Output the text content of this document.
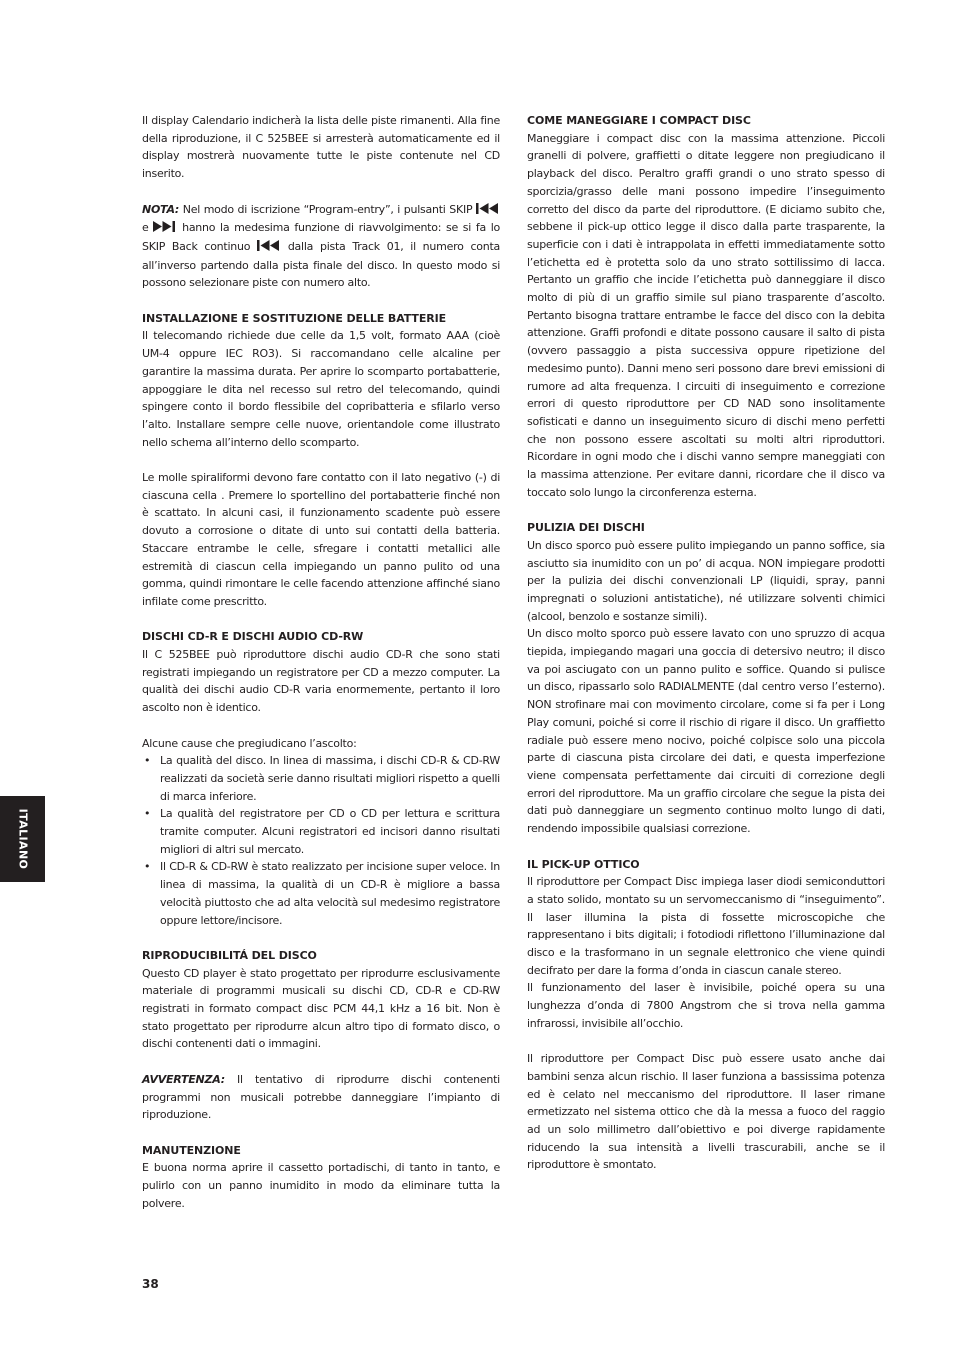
Il display Calendario indicherà la lista delle piste rimanenti. Alla fine della riproduzione, il C 525BEE si arresterà automaticamente ed il display mostrerà nuovamente tutte le piste contenute nel CD inserito.

NOTA: Nel modo di iscrizione “Program-entry”, i pulsanti SKIP  e  hanno la medesima funzione di riavvolgimento: se si fa lo SKIP Back continuo  dalla pista Track 01, il numero conta all’inverso partendo dalla pista finale del disco. In questo modo si possono selezionare piste con numero alto.

INSTALLAZIONE E SOSTITUZIONE DELLE BATTERIE

Il telecomando richiede due celle da 1,5 volt, formato AAA (cioè UM-4 oppure IEC RO3). Si raccomandano celle alcaline per garantire la massima durata. Per aprire lo scomparto portabatterie, appoggiare le dita nel recesso sul retro del telecomando, quindi spingere conto il bordo flessibile del copribatteria e sfilarlo verso l’alto. Installare sempre celle nuove, orientandole come illustrato nello schema all’interno dello scomparto.

Le molle spiraliformi devono fare contatto con il lato negativo (-) di ciascuna cella . Premere lo sportellino del portabatterie finché non è scattato. In alcuni casi, il funzionamento scadente può essere dovuto a corrosione o ditate di unto sui contatti della batteria. Staccare entrambe le celle, sfregare i contatti metallici alle estremità di ciascun cella impiegando un panno pulito od una gomma, quindi rimontare le celle facendo attenzione affinché siano infilate come prescritto.

DISCHI CD-R E DISCHI AUDIO CD-RW

Il C 525BEE può riproduttore dischi audio CD-R che sono stati registrati impiegando un registratore per CD a mezzo computer. La qualità dei dischi audio CD-R varia enormemente, pertanto il loro ascolto non è identico.

Alcune cause che pregiudicano l’ascolto:

• La qualità del disco. In linea di massima, i dischi CD-R & CD-RW realizzati da società serie danno risultati migliori rispetto a quelli di marca inferiore.
• La qualità del registratore per CD o CD per lettura e scrittura tramite computer. Alcuni registratori ed incisori danno risultati migliori di altri sul mercato.
• Il CD-R & CD-RW è stato realizzato per incisione super veloce. In linea di massima, la qualità di un CD-R è migliore a bassa velocità piuttosto che ad alta velocità sul medesimo registratore oppure lettore/incisore.
RIPRODUCIBILITÁ DEL DISCO

Questo CD player è stato progettato per riprodurre esclusivamente materiale di programmi musicali su dischi CD, CD-R e CD-RW registrati in formato compact disc PCM 44,1 kHz a 16 bit. Non è stato progettato per riprodurre alcun altro tipo di formato disco, o dischi contenenti dati o immagini.

AVVERTENZA: Il tentativo di riprodurre dischi contenenti programmi non musicali potrebbe danneggiare l’impianto di riproduzione.

MANUTENZIONE

E buona norma aprire il cassetto portadischi, di tanto in tanto, e pulirlo con un panno inumidito in modo da eliminare tutta la polvere.

COME MANEGGIARE I COMPACT DISC

Maneggiare i compact disc con la massima attenzione. Piccoli granelli di polvere, graffietti o ditate leggere non pregiudicano il playback del disco. Peraltro graffi grandi o uno strato spesso di sporcizia/grasso delle mani possono impedire l’inseguimento corretto del disco da parte del riproduttore. (E diciamo subito che, sebbene il pick-up ottico legge il disco dalla parte trasparente, la superficie con i dati è intrappolata in effetti immediatamente sotto l’etichetta ed è protetta solo da uno strato sottilissimo di lacca. Pertanto un graffio che incide l’etichetta può danneggiare il disco molto di più di un graffio simile sul piano trasparente d’ascolto. Pertanto bisogna trattare entrambe le facce del disco con la debita attenzione. Graffi profondi e ditate possono causare il salto di pista (ovvero passaggio a pista successiva oppure ripetizione del medesimo punto). Danni meno seri possono dare brevi emissioni di rumore ad alta frequenza. I circuiti di inseguimento e correzione errori di questo riproduttore per CD NAD sono insolitamente sofisticati e danno un inseguimento sicuro di dischi meno perfetti che non possono essere ascoltati su molti altri riproduttori. Ricordare in ogni modo che i dischi vanno sempre maneggiati con la massima attenzione. Per evitare danni, ricordare che il disco va toccato solo lungo la circonferenza esterna.

PULIZIA DEI DISCHI

Un disco sporco può essere pulito impiegando un panno soffice, sia asciutto sia inumidito con un po’ di acqua. NON impiegare prodotti per la pulizia dei dischi convenzionali LP (liquidi, spray, panni impregnati o soluzioni antistatiche), né utilizzare solventi chimici (alcool, benzolo e sostanze simili).

Un disco molto sporco può essere lavato con uno spruzzo di acqua tiepida, impiegando magari una goccia di detersivo neutro; il disco va poi asciugato con un panno pulito e soffice. Quando si pulisce un disco, ripassarlo solo RADIALMENTE (dal centro verso l’esterno). NON strofinare mai con movimento circolare, come si fa per i Long Play comuni, poiché si corre il rischio di rigare il disco. Un graffietto radiale può essere meno nocivo, poiché colpisce solo una piccola parte di ciascuna pista circolare dei dati, e questa imperfezione viene compensata perfettamente dai circuiti di correzione degli errori del riproduttore. Ma un graffio circolare che segue la pista dei dati può danneggiare un segmento continuo molto lungo di dati, rendendo impossibile qualsiasi correzione.

IL PICK-UP OTTICO

Il riproduttore per Compact Disc impiega laser diodi semiconduttori a stato solido, montato su un servomeccanismo di “inseguimento”. Il laser illumina la pista di fossette microscopiche che rappresentano i bits digitali; i fotodiodi riflettono l’illuminazione dal disco e la trasformano in un segnale elettronico che viene quindi decifrato per dare la forma d’onda in ciascun canale stereo.

Il funzionamento del laser è invisibile, poiché opera su una lunghezza d’onda di 7800 Angstrom che si trova nella gamma infrarossi, invisibile all’occhio.

Il riproduttore per Compact Disc può essere usato anche dai bambini senza alcun rischio. Il laser funziona a bassissima potenza ed è celato nel meccanismo del riproduttore. Il laser rimane ermetizzato nel sistema ottico che dà la messa a fuoco del raggio ad un solo millimetro dall’obiettivo e poi diverge rapidamente riducendo la sua intensità a livelli trascurabili, anche se il riproduttore è smontato.

ITALIANO
38
